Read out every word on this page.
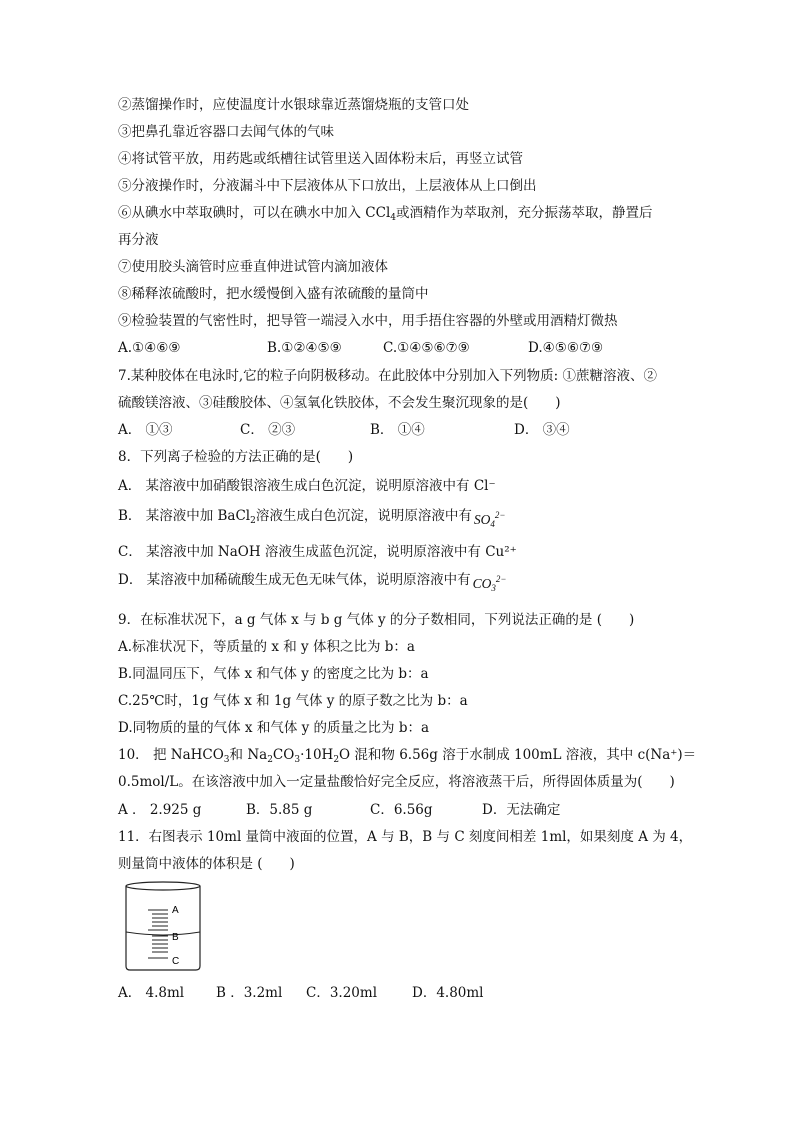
②蒸馏操作时，应使温度计水银球靠近蒸馏烧瓶的支管口处
③把鼻孔靠近容器口去闻气体的气味
④将试管平放，用药匙或纸槽往试管里送入固体粉末后，再竖立试管
⑤分液操作时，分液漏斗中下层液体从下口放出，上层液体从上口倒出
⑥从碘水中萃取碘时，可以在碘水中加入 CCl$_4$或酒精作为萃取剂，充分振荡萃取，静置后
再分液
⑦使用胶头滴管时应垂直伸进试管内滴加液体
⑧稀释浓硫酸时，把水缓慢倒入盛有浓硫酸的量筒中
⑨检验装置的气密性时，把导管一端浸入水中，用手捂住容器的外壁或用酒精灯微热
A.①④⑥⑨	B.①②④⑤⑨	C.①④⑤⑥⑦⑨	D.④⑤⑥⑦⑨
7.某种胶体在电泳时,它的粒子向阴极移动。在此胶体中分别加入下列物质: ①蔗糖溶液、②
硫酸镁溶液、③硅酸胶体、④氢氧化铁胶体，不会发生聚沉现象的是(　　)
A． ①③	C． ②③	B． ①④	D． ③④
8．下列离子检验的方法正确的是(　　)
A． 某溶液中加硝酸银溶液生成白色沉淀，说明原溶液中有 Cl⁻
B． 某溶液中加 BaCl$_2$溶液生成白色沉淀，说明原溶液中有 $SO_4^{2-}$
C． 某溶液中加 NaOH 溶液生成蓝色沉淀，说明原溶液中有 Cu²⁺
D． 某溶液中加稀硫酸生成无色无味气体，说明原溶液中有 $CO_3^{2-}$
9．在标准状况下，a g 气体 x 与 b g 气体 y 的分子数相同，下列说法正确的是 (　　)
A.标准状况下，等质量的 x 和 y 体积之比为 b：a
B.同温同压下，气体 x 和气体 y 的密度之比为 b：a
C.25℃时，1g 气体 x 和 1g 气体 y 的原子数之比为 b：a
D.同物质的量的气体 x 和气体 y 的质量之比为 b：a
10． 把 NaHCO$_3$和 $Na_2CO_3\cdot 10H_2O$ 混和物 6.56g 溶于水制成 100mL 溶液，其中 c(Na⁺)＝
0.5mol/L。在该溶液中加入一定量盐酸恰好完全反应，将溶液蒸干后，所得固体质量为(　　)
A ． 2.925 g	B．5.85 g	C．6.56g	D．无法确定
11．右图表示 10ml 量筒中液面的位置，A 与 B，B 与 C 刻度间相差 1ml，如果刻度 A 为 4，
则量筒中液体的体积是 (　　)
A
B
C
A． 4.8ml B ．3.2ml C．3.20ml	D．4.80ml
